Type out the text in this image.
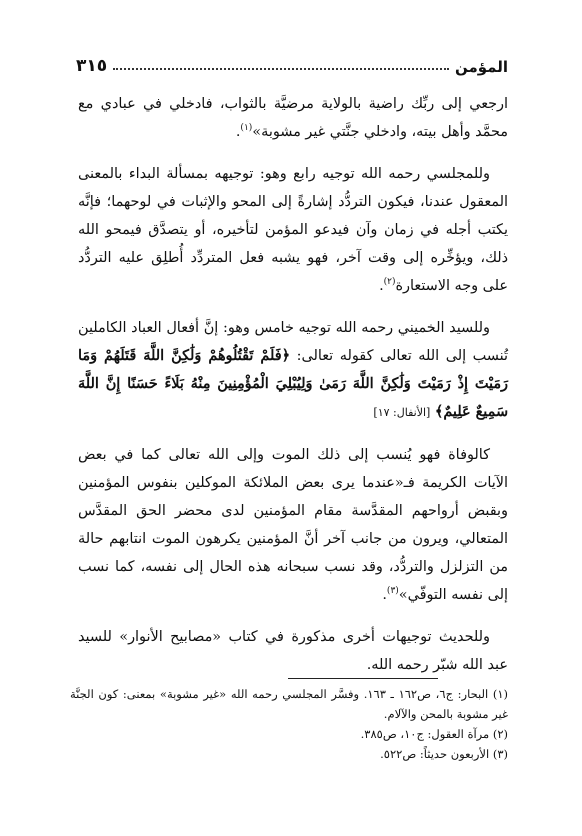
المؤمن
٣١٥

ارجعي إلى ربِّك راضية بالولاية مرضيَّة بالثواب، فادخلي في عبادي مع محمَّد وأهل بيته، وادخلي جنَّتي غير مشوبة»$^{(١)}$.

وللمجلسي رحمه الله توجيه رابع وهو: توجيهه بمسألة البداء بالمعنى المعقول عندنا، فيكون التردُّد إشارةً إلى المحو والإثبات في لوحهما؛ فإنَّه يكتب أجله في زمان وآن فيدعو المؤمن لتأخيره، أو يتصدَّق فيمحو الله ذلك، ويؤخِّره إلى وقت آخر، فهو يشبه فعل المتردِّد أُطلِق عليه التردُّد على وجه الاستعارة$^{(٢)}$.

وللسيد الخميني رحمه الله توجيه خامس وهو: إنَّ أفعال العباد الكاملين تُنسب إلى الله تعالى كقوله تعالى: ﴿فَلَمْ تَقْتُلُوهُمْ وَلَٰكِنَّ اللَّهَ قَتَلَهُمْ وَمَا رَمَيْتَ إِذْ رَمَيْتَ وَلَٰكِنَّ اللَّهَ رَمَىٰ وَلِيُبْلِيَ الْمُؤْمِنِينَ مِنْهُ بَلَاءً حَسَنًا إِنَّ اللَّهَ سَمِيعٌ عَلِيمٌ﴾ [الأنفال: ١٧]

كالوفاة فهو يُنسب إلى ذلك الموت وإلى الله تعالى كما في بعض الآيات الكريمة فـ«عندما يرى بعض الملائكة الموكلين بنفوس المؤمنين وبقبض أرواحهم المقدَّسة مقام المؤمنين لدى محضر الحق المقدَّس المتعالي، ويرون من جانب آخر أنَّ المؤمنين يكرهون الموت انتابهم حالة من التزلزل والتردُّد، وقد نسب سبحانه هذه الحال إلى نفسه، كما نسب إلى نفسه التوفّي»$^{(٣)}$.

وللحديث توجيهات أخرى مذكورة في كتاب «مصابيح الأنوار» للسيد عبد الله شبّر رحمه الله.

(١) البحار: ج٦، ص١٦٢ ـ ١٦٣. وفسَّر المجلسي رحمه الله «غير مشوبة» بمعنى: كون الجنَّة غير مشوبة بالمحن والآلام.
(٢) مرآة العقول: ج١٠، ص٣٨٥.
(٣) الأربعون حديثاً: ص٥٢٢.
